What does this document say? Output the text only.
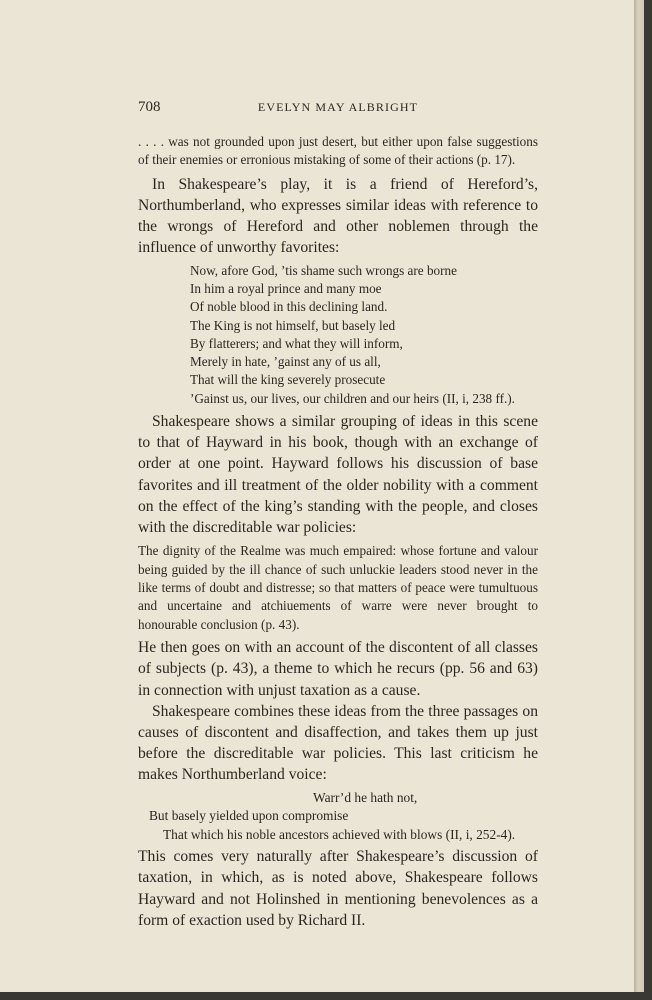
708	EVELYN MAY ALBRIGHT

. . . . was not grounded upon just desert, but either upon false suggestions of their enemies or erronious mistaking of some of their actions (p. 17).

In Shakespeare’s play, it is a friend of Hereford’s, Northumberland, who expresses similar ideas with reference to the wrongs of Hereford and other noblemen through the influence of unworthy favorites:

Now, afore God, ’tis shame such wrongs are borne
In him a royal prince and many moe
Of noble blood in this declining land.
The King is not himself, but basely led
By flatterers; and what they will inform,
Merely in hate, ’gainst any of us all,
That will the king severely prosecute
’Gainst us, our lives, our children and our heirs (II, i, 238 ff.).

Shakespeare shows a similar grouping of ideas in this scene to that of Hayward in his book, though with an exchange of order at one point. Hayward follows his discussion of base favorites and ill treatment of the older nobility with a comment on the effect of the king’s standing with the people, and closes with the discreditable war policies:

The dignity of the Realme was much empaired: whose fortune and valour being guided by the ill chance of such unluckie leaders stood never in the like terms of doubt and distresse; so that matters of peace were tumultuous and uncertaine and atchiuements of warre were never brought to honourable conclusion (p. 43).

He then goes on with an account of the discontent of all classes of subjects (p. 43), a theme to which he recurs (pp. 56 and 63) in connection with unjust taxation as a cause.

Shakespeare combines these ideas from the three passages on causes of discontent and disaffection, and takes them up just before the discreditable war policies. This last criticism he makes Northumberland voice:

Warr’d he hath not,
But basely yielded upon compromise
That which his noble ancestors achieved with blows (II, i, 252-4).

This comes very naturally after Shakespeare’s discussion of taxation, in which, as is noted above, Shakespeare follows Hayward and not Holinshed in mentioning benevolences as a form of exaction used by Richard II.
